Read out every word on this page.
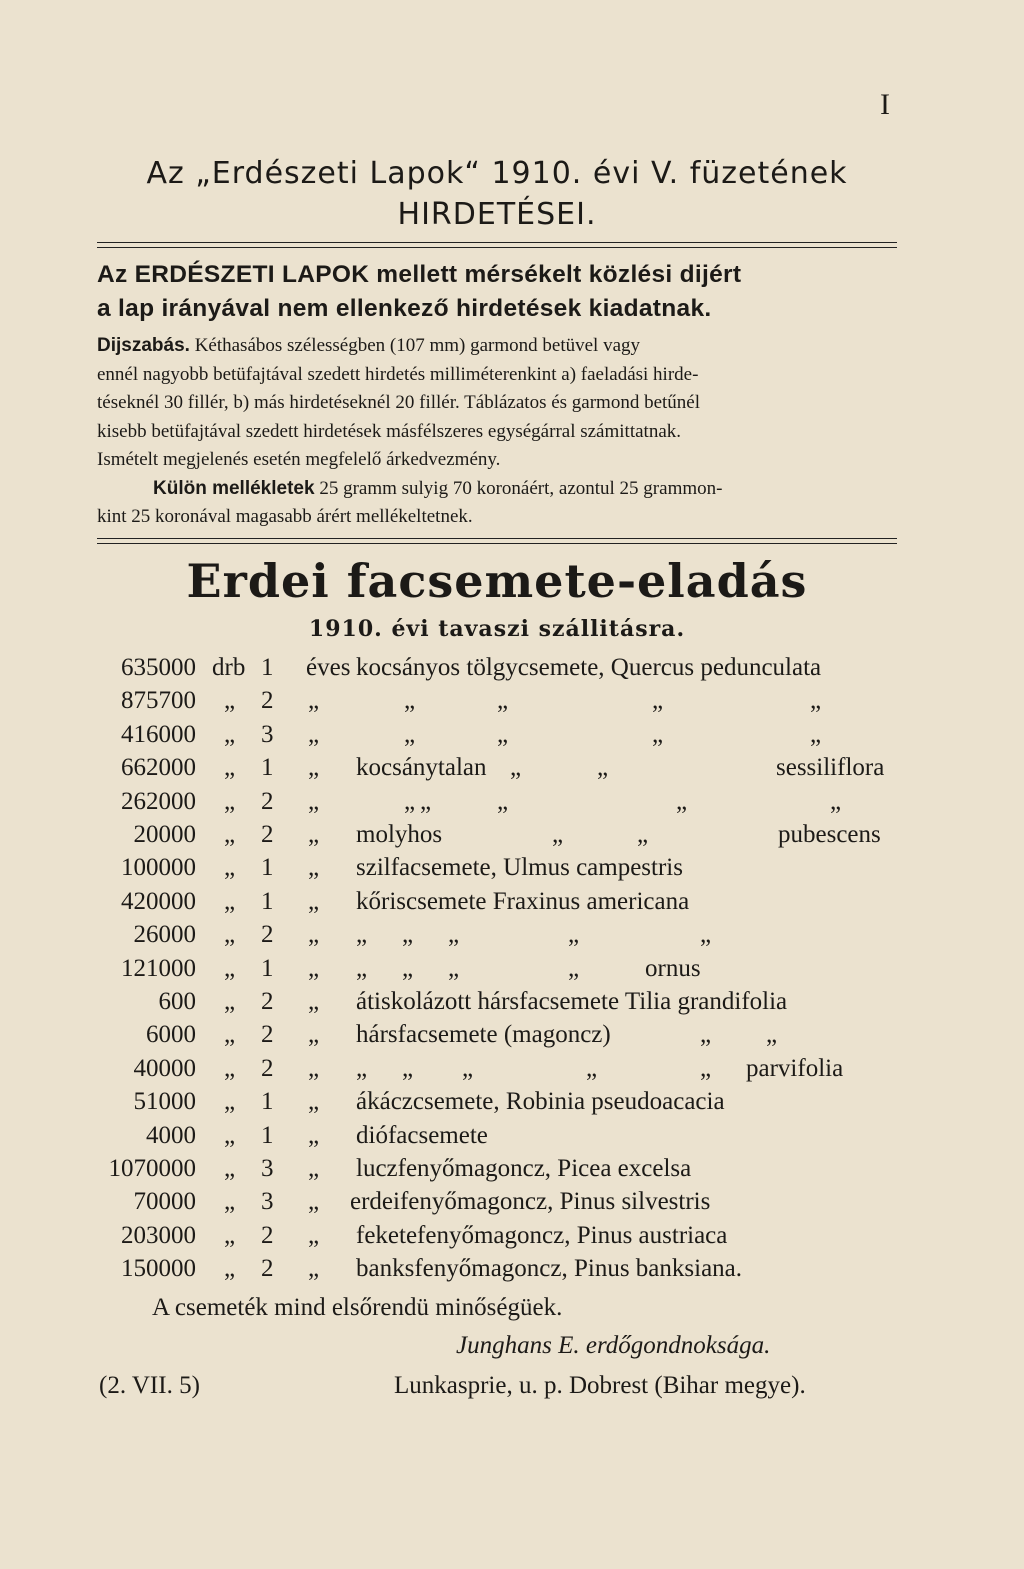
I
Az „Erdészeti Lapok“ 1910. évi V. füzetének
HIRDETÉSEI.
Az ERDÉSZETI LAPOK mellett mérsékelt közlési dijért
a lap irányával nem ellenkező hirdetések kiadatnak.
Dijszabás. Kéthasábos szélességben (107 mm) garmond betüvel vagy
ennél nagyobb betüfajtával szedett hirdetés milliméterenkint a) faeladási hirde-
téseknél 30 fillér, b) más hirdetéseknél 20 fillér. Táblázatos és garmond betűnél
kisebb betüfajtával szedett hirdetések másfélszeres egységárral számittatnak.
Ismételt megjelenés esetén megfelelő árkedvezmény.
Külön mellékletek 25 gramm sulyig 70 koronáért, azontul 25 grammon-
kint 25 koronával magasabb árért mellékeltetnek.
Erdei facsemete-eladás
1910. évi tavaszi szállitásra.
635000 drb 1 éves kocsányos tölgycsemete, Quercus pedunculata
875700 „ 2 „	„	„	„	„
416000 „ 3 „	„	„	„	„
662000 „ 1 „ kocsánytalan „	„	sessiliflora
262000 „ 2 „	„ „	„	„	„
20000 „ 2 „ molyhos	„	„	pubescens
100000 „ 1 „ szilfacsemete, Ulmus campestris
420000 „ 1 „ kőriscsemete Fraxinus americana
26000 „ 2 „ „ „ „	„	„
121000 „ 1 „ „ „ „	„	ornus
600 „ 2 „ átiskolázott hársfacsemete Tilia grandifolia
6000 „ 2 „ hársfacsemete (magoncz)	„ „
40000 „ 2 „ „ „ „	„	„ parvifolia
51000 „ 1 „ ákáczcsemete, Robinia pseudoacacia
4000 „ 1 „ diófacsemete
1070000 „ 3 „ luczfenyőmagoncz, Picea excelsa
70000 „ 3 „ erdeifenyőmagoncz, Pinus silvestris
203000 „ 2 „ feketefenyőmagoncz, Pinus austriaca
150000 „ 2 „ banksfenyőmagoncz, Pinus banksiana.
A csemeték mind elsőrendü minőségüek.
Junghans E. erdőgondnoksága.
(2. VII. 5)	Lunkasprie, u. p. Dobrest (Bihar megye).
